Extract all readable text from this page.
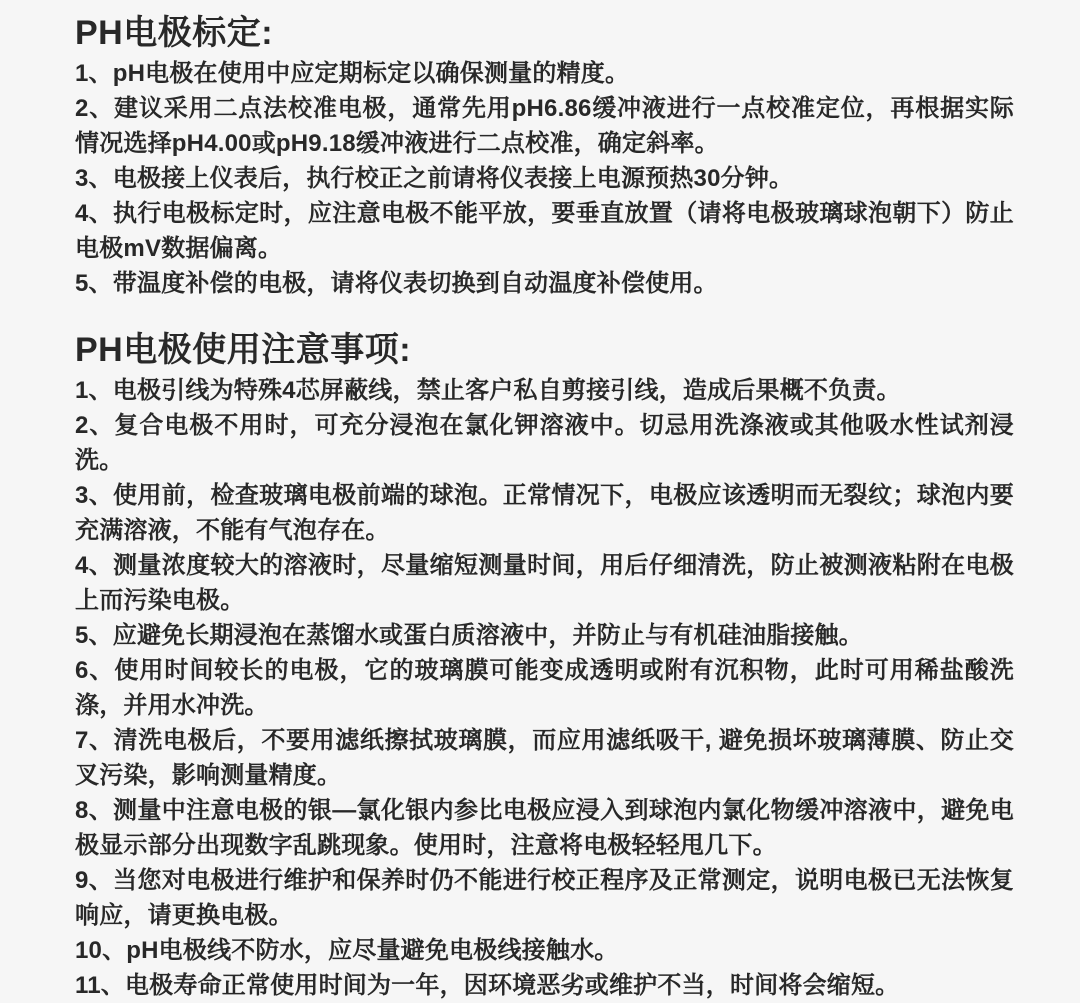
PH电极标定:

1、pH电极在使用中应定期标定以确保测量的精度。

2、建议采用二点法校准电极，通常先用pH6.86缓冲液进行一点校准定位，再根据实际情况选择pH4.00或pH9.18缓冲液进行二点校准，确定斜率。

3、电极接上仪表后，执行校正之前请将仪表接上电源预热30分钟。

4、执行电极标定时，应注意电极不能平放，要垂直放置（请将电极玻璃球泡朝下）防止电极mV数据偏离。

5、带温度补偿的电极，请将仪表切换到自动温度补偿使用。

PH电极使用注意事项:

1、电极引线为特殊4芯屏蔽线，禁止客户私自剪接引线，造成后果概不负责。

2、复合电极不用时，可充分浸泡在氯化钾溶液中。切忌用洗涤液或其他吸水性试剂浸洗。

3、使用前，检查玻璃电极前端的球泡。正常情况下，电极应该透明而无裂纹；球泡内要充满溶液，不能有气泡存在。

4、测量浓度较大的溶液时，尽量缩短测量时间，用后仔细清洗，防止被测液粘附在电极上而污染电极。

5、应避免长期浸泡在蒸馏水或蛋白质溶液中，并防止与有机硅油脂接触。

6、使用时间较长的电极，它的玻璃膜可能变成透明或附有沉积物，此时可用稀盐酸洗涤，并用水冲洗。

7、清洗电极后，不要用滤纸擦拭玻璃膜，而应用滤纸吸干, 避免损坏玻璃薄膜、防止交叉污染，影响测量精度。

8、测量中注意电极的银—氯化银内参比电极应浸入到球泡内氯化物缓冲溶液中，避免电极显示部分出现数字乱跳现象。使用时，注意将电极轻轻甩几下。

9、当您对电极进行维护和保养时仍不能进行校正程序及正常测定，说明电极已无法恢复响应，请更换电极。

10、pH电极线不防水，应尽量避免电极线接触水。

11、电极寿命正常使用时间为一年，因环境恶劣或维护不当，时间将会缩短。
